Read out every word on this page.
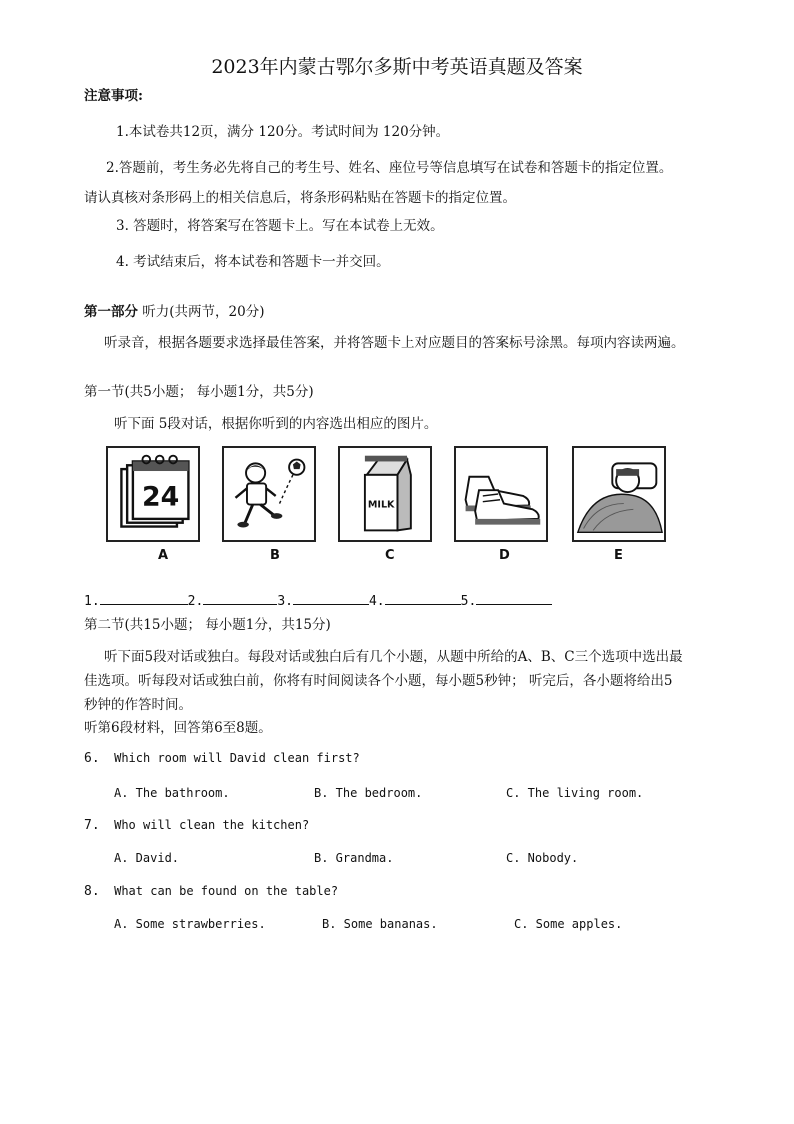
2023年内蒙古鄂尔多斯中考英语真题及答案
注意事项:
1.本试卷共12页，满分 120分。考试时间为 120分钟。
2.答题前，考生务必先将自己的考生号、姓名、座位号等信息填写在试卷和答题卡的指定位置。
请认真核对条形码上的相关信息后，将条形码粘贴在答题卡的指定位置。
3. 答题时，将答案写在答题卡上。写在本试卷上无效。
4. 考试结束后，将本试卷和答题卡一并交回。
第一部分 听力(共两节，20分)
听录音，根据各题要求选择最佳答案，并将答题卡上对应题目的答案标号涂黑。每项内容读两遍。
第一节(共5小题； 每小题1分，共5分)
听下面 5段对话，根据你听到的内容选出相应的图片。
24	MILK
A	B	C	D	E
1.	2.	3.	4.	5.
第二节(共15小题； 每小题1分，共15分)
听下面5段对话或独白。每段对话或独白后有几个小题，从题中所给的A、B、C三个选项中选出最
佳选项。听每段对话或独白前，你将有时间阅读各个小题，每小题5秒钟； 听完后，各小题将给出5
秒钟的作答时间。
听第6段材料，回答第6至8题。
6. Which room will David clean first?
A. The bathroom.	B. The bedroom.	C. The living room.
7. Who will clean the kitchen?
A. David.	B. Grandma.	C. Nobody.
8. What can be found on the table?
A. Some strawberries.	B. Some bananas.	C. Some apples.
